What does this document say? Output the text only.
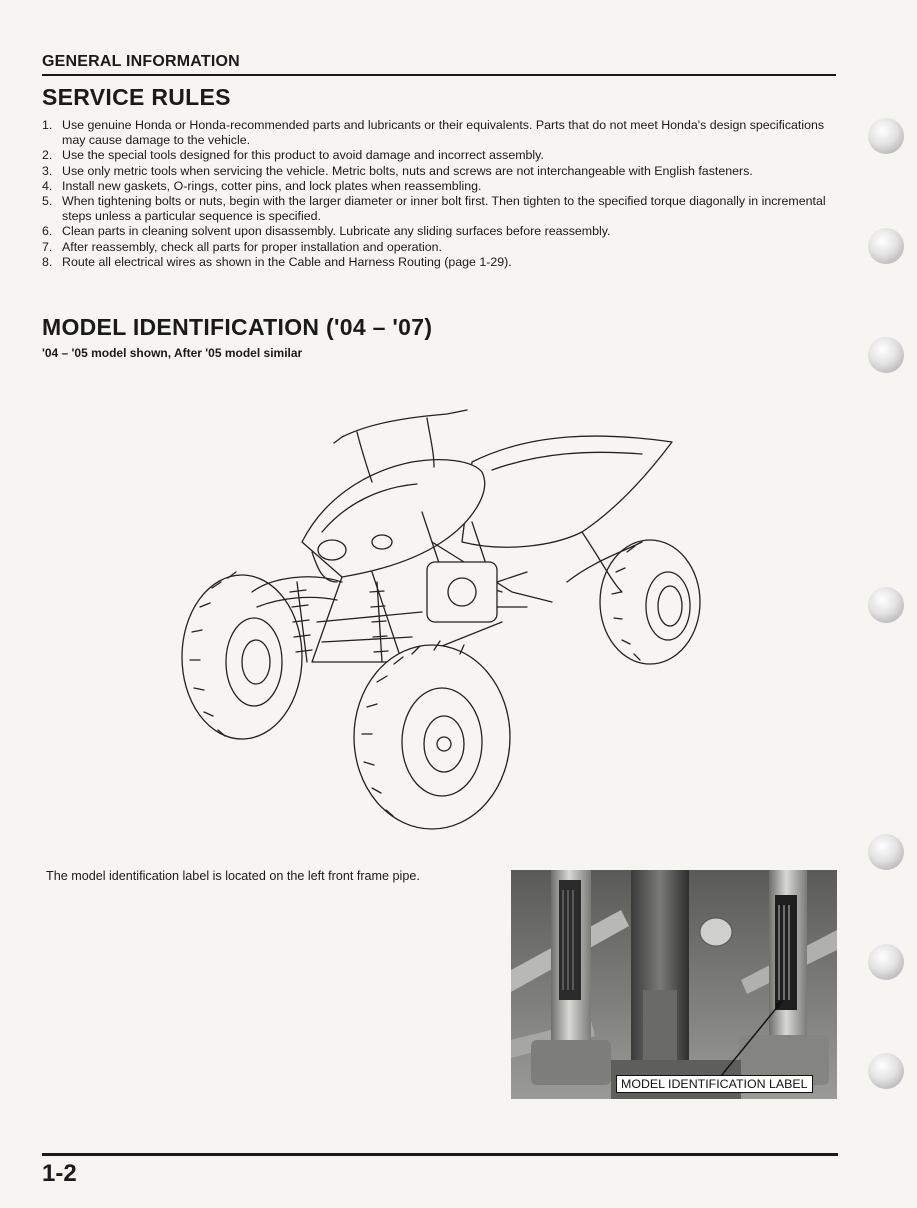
GENERAL INFORMATION
SERVICE RULES
1. Use genuine Honda or Honda-recommended parts and lubricants or their equivalents. Parts that do not meet Honda's design specifications may cause damage to the vehicle.
2. Use the special tools designed for this product to avoid damage and incorrect assembly.
3. Use only metric tools when servicing the vehicle. Metric bolts, nuts and screws are not interchangeable with English fasteners.
4. Install new gaskets, O-rings, cotter pins, and lock plates when reassembling.
5. When tightening bolts or nuts, begin with the larger diameter or inner bolt first. Then tighten to the specified torque diagonally in incremental steps unless a particular sequence is specified.
6. Clean parts in cleaning solvent upon disassembly. Lubricate any sliding surfaces before reassembly.
7. After reassembly, check all parts for proper installation and operation.
8. Route all electrical wires as shown in the Cable and Harness Routing (page 1-29).
MODEL IDENTIFICATION ('04 – '07)
'04 – '05 model shown, After '05 model similar
The model identification label is located on the left front frame pipe.
MODEL IDENTIFICATION LABEL
1-2
